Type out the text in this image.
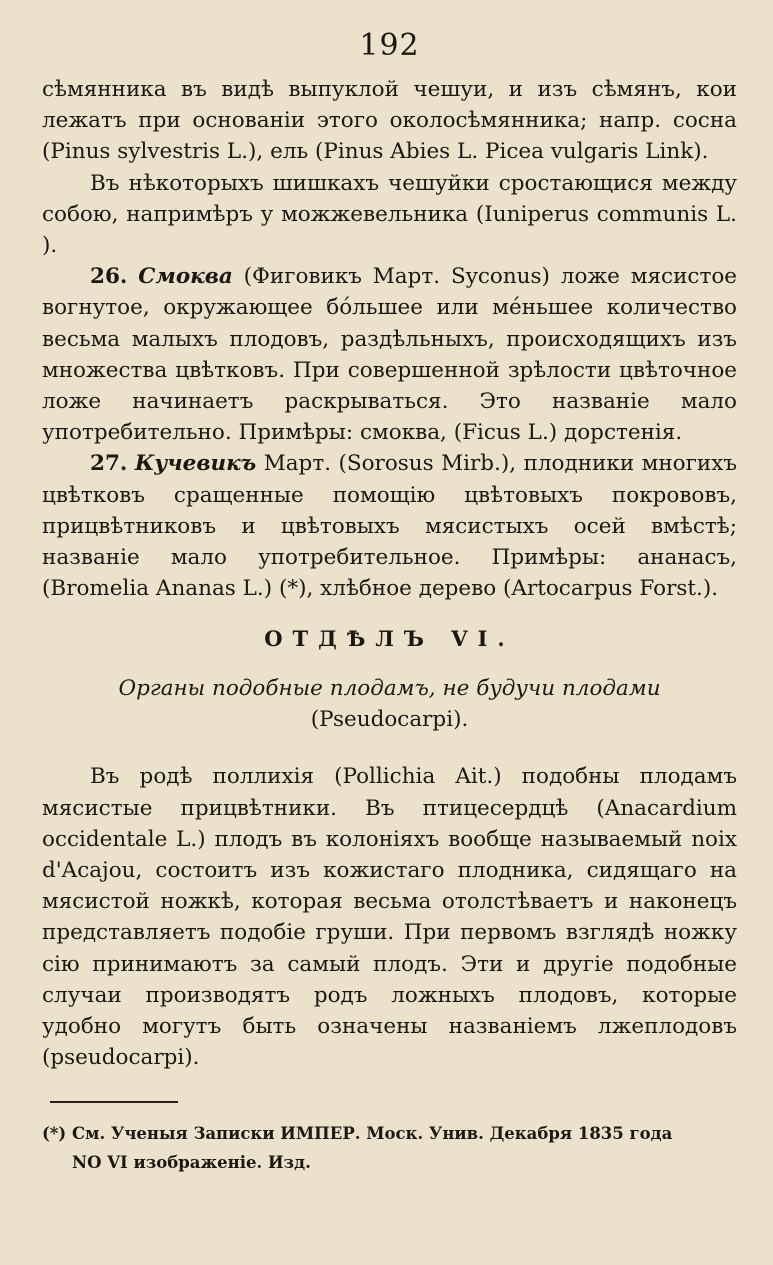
192

сѣмянника въ видѣ выпуклой чешуи, и изъ сѣмянъ, кои лежатъ при основаніи этого околосѣмянника; напр. сосна (Pinus sylvestris L.), ель (Pinus Abies L. Picea vulgaris Link).

Въ нѣкоторыхъ шишкахъ чешуйки сростающися между собою, напримѣръ у можжевельника (Iuniperus communis L. ).

26. Смоква (Фиговикъ Март. Syconus) ложе мясистое вогнутое, окружающее бо́льшее или ме́ньшее количество весьма малыхъ плодовъ, раздѣльныхъ, происходящихъ изъ множества цвѣтковъ. При совершенной зрѣлости цвѣточное ложе начинаетъ раскрываться. Это названіе мало употребительно. Примѣры: смоква, (Ficus L.) дорстенія.

27. Кучевикъ Март. (Sorosus Mirb.), плодники многихъ цвѣтковъ сращенные помощію цвѣтовыхъ покрововъ, прицвѣтниковъ и цвѣтовыхъ мясистыхъ осей вмѣстѣ; названіе мало употребительное. Примѣры: ананасъ, (Bromelia Ananas L.) (*), хлѣбное дерево (Artocarpus Forst.).

ОТДѢЛЪ VI.
Органы подобные плодамъ, не будучи плодами (Pseudocarpi).

Въ родѣ поллихія (Pollichia Ait.) подобны плодамъ мясистые прицвѣтники. Въ птицесердцѣ (Anacardium occidentale L.) плодъ въ колоніяхъ вообще называемый noix d'Acajou, состоитъ изъ кожистаго плодника, сидящаго на мясистой ножкѣ, которая весьма отолстѣваетъ и наконецъ представляетъ подобіе груши. При первомъ взглядѣ ножку сію принимаютъ за самый плодъ. Эти и другіе подобные случаи производятъ родъ ложныхъ плодовъ, которые удобно могутъ быть означены названіемъ лжеплодовъ (pseudocarpi).

(*) См. Ученыя Записки ИМПЕР. Моск. Унив. Декабря 1835 года
NO VI изображеніе. Изд.
